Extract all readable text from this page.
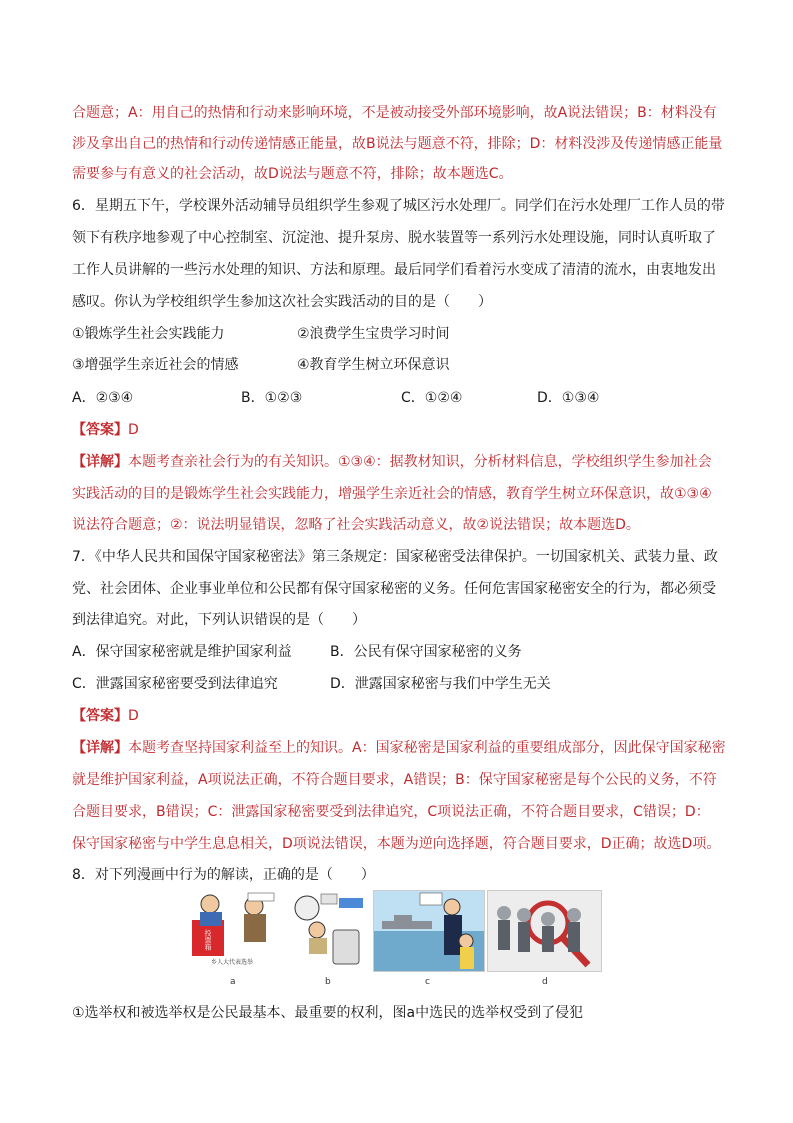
合题意；A：用自己的热情和行动来影响环境，不是被动接受外部环境影响，故A说法错误；B：材料没有
涉及拿出自己的热情和行动传递情感正能量，故B说法与题意不符，排除；D：材料没涉及传递情感正能量
需要参与有意义的社会活动，故D说法与题意不符，排除；故本题选C。
6．星期五下午，学校课外活动辅导员组织学生参观了城区污水处理厂。同学们在污水处理厂工作人员的带
领下有秩序地参观了中心控制室、沉淀池、提升泵房、脱水装置等一系列污水处理设施，同时认真听取了
工作人员讲解的一些污水处理的知识、方法和原理。最后同学们看着污水变成了清清的流水，由衷地发出
感叹。你认为学校组织学生参加这次社会实践活动的目的是（　　）
①锻炼学生社会实践能力	②浪费学生宝贵学习时间
③增强学生亲近社会的情感	④教育学生树立环保意识
A．②③④	B．①②③	C．①②④	D．①③④
【答案】D
【详解】本题考查亲社会行为的有关知识。①③④：据教材知识，分析材料信息，学校组织学生参加社会
实践活动的目的是锻炼学生社会实践能力，增强学生亲近社会的情感，教育学生树立环保意识，故①③④
说法符合题意；②：说法明显错误，忽略了社会实践活动意义，故②说法错误；故本题选D。
7．《中华人民共和国保守国家秘密法》第三条规定：国家秘密受法律保护。一切国家机关、武装力量、政
党、社会团体、企业事业单位和公民都有保守国家秘密的义务。任何危害国家秘密安全的行为，都必须受
到法律追究。对此，下列认识错误的是（　　）
A．保守国家秘密就是维护国家利益	B．公民有保守国家秘密的义务
C．泄露国家秘密要受到法律追究	D．泄露国家秘密与我们中学生无关
【答案】D
【详解】本题考查坚持国家利益至上的知识。A：国家秘密是国家利益的重要组成部分，因此保守国家秘密
就是维护国家利益，A项说法正确，不符合题目要求，A错误；B：保守国家秘密是每个公民的义务，不符
合题目要求，B错误；C：泄露国家秘密要受到法律追究，C项说法正确，不符合题目要求，C错误；D：
保守国家秘密与中学生息息相关，D项说法错误，本题为逆向选择题，符合题目要求，D正确；故选D项。
8．对下列漫画中行为的解读，正确的是（　　）
投票箱
乡人大代表选举
a	b	c	d
①选举权和被选举权是公民最基本、最重要的权利，图a中选民的选举权受到了侵犯
